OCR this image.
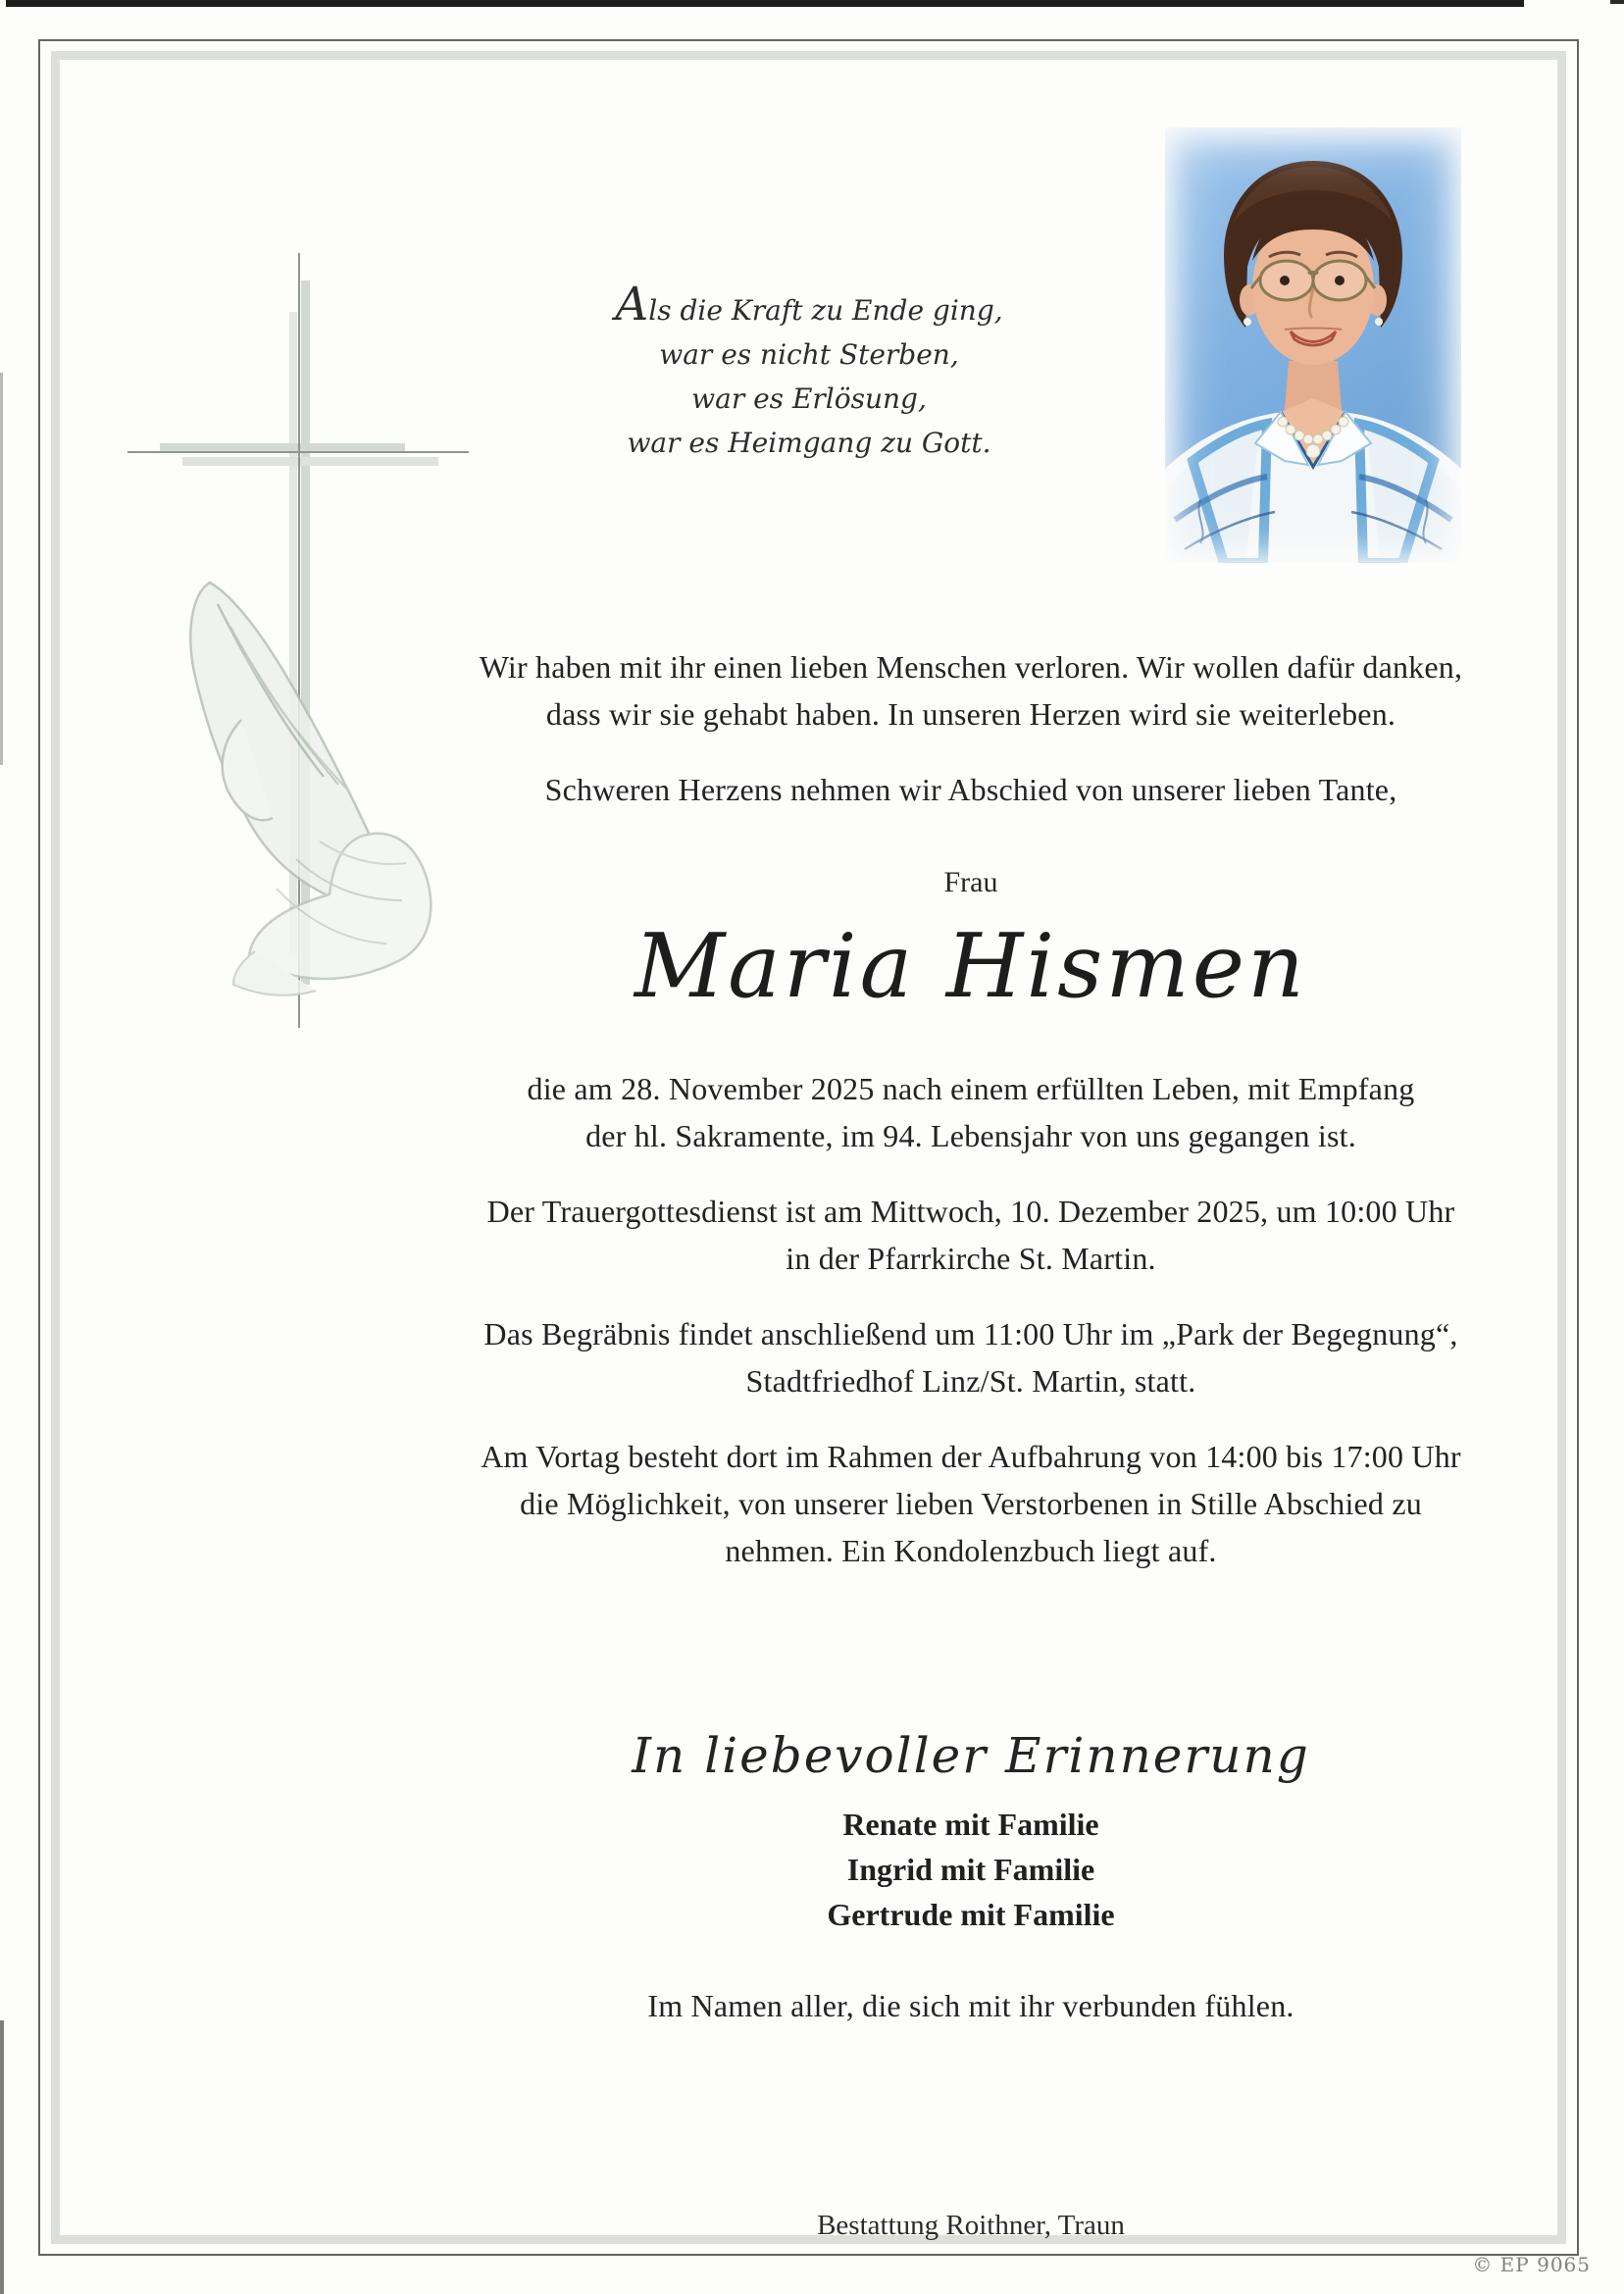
Als die Kraft zu Ende ging,
war es nicht Sterben,
war es Erlösung,
war es Heimgang zu Gott.
Wir haben mit ihr einen lieben Menschen verloren. Wir wollen dafür danken,
dass wir sie gehabt haben. In unseren Herzen wird sie weiterleben.
Schweren Herzens nehmen wir Abschied von unserer lieben Tante,
Frau
Maria Hismen
die am 28. November 2025 nach einem erfüllten Leben, mit Empfang
der hl. Sakramente, im 94. Lebensjahr von uns gegangen ist.
Der Trauergottesdienst ist am Mittwoch, 10. Dezember 2025, um 10:00 Uhr
in der Pfarrkirche St. Martin.
Das Begräbnis findet anschließend um 11:00 Uhr im „Park der Begegnung“,
Stadtfriedhof Linz/St. Martin, statt.
Am Vortag besteht dort im Rahmen der Aufbahrung von 14:00 bis 17:00 Uhr
die Möglichkeit, von unserer lieben Verstorbenen in Stille Abschied zu
nehmen. Ein Kondolenzbuch liegt auf.
In liebevoller Erinnerung
Renate mit Familie
Ingrid mit Familie
Gertrude mit Familie
Im Namen aller, die sich mit ihr verbunden fühlen.
Bestattung Roithner, Traun
© EP 9065
